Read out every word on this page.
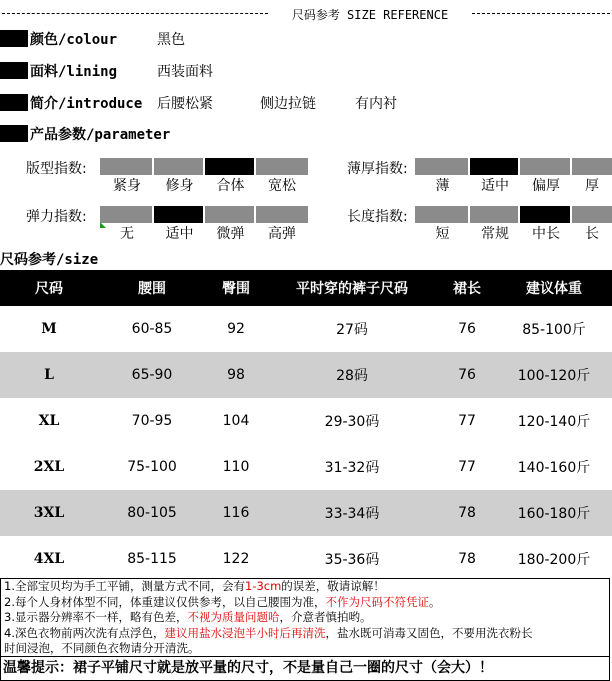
尺码参考 SIZE REFERENCE
颜色/colour	黑色
面料/lining	西装面料
简介/introduce 后腰松紧	侧边拉链	有内衬
产品参数/parameter
版型指数:
紧身	修身	合体	宽松
薄厚指数:
薄	适中	偏厚	厚
弹力指数:
无	适中	微弹	高弹
长度指数:
短	常规	中长	长
尺码参考/size
尺码	腰围	臀围	平时穿的裤子尺码	裙长	建议体重
M	60-85	92	27码	76	85-100斤
L	65-90	98	28码	76	100-120斤
XL	70-95	104	29-30码	77	120-140斤
2XL	75-100	110	31-32码	77	140-160斤
3XL	80-105	116	33-34码	78	160-180斤
4XL	85-115	122	35-36码	78	180-200斤

1.全部宝贝均为手工平铺，测量方式不同，会有1-3cm的误差，敬请谅解！

2.每个人身材体型不同，体重建议仅供参考，以自己腰围为准，不作为尺码不符凭证。

3.显示器分辨率不一样，略有色差，不视为质量问题哈，介意者慎拍哟。

4.深色衣物前两次洗有点浮色，建议用盐水浸泡半小时后再清洗，盐水既可消毒又固色，不要用洗衣粉长

时间浸泡，不同颜色衣物请分开清洗。

温馨提示：裙子平铺尺寸就是放平量的尺寸，不是量自己一圈的尺寸（会大）！
